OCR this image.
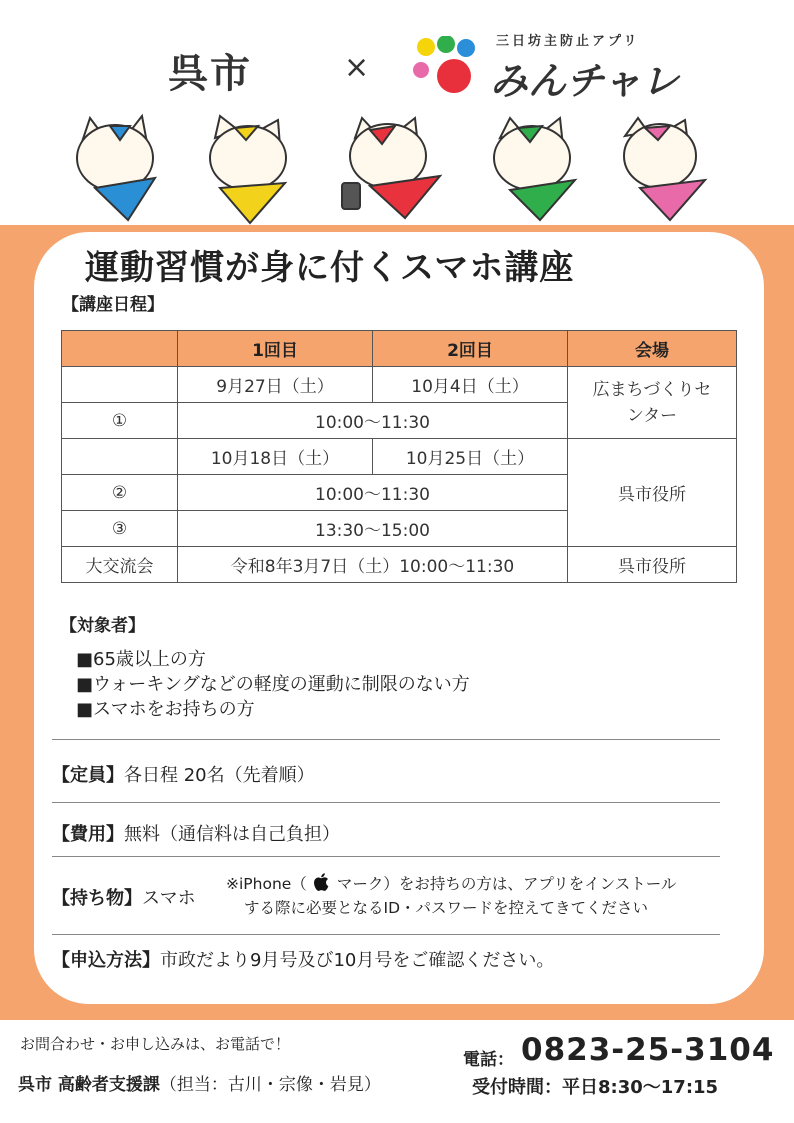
呉市	×
三日坊主防止アプリ
みんチャレ
運動習慣が身に付くスマホ講座
【講座日程】
	1回目	2回目	会場
	9月27日（土）	10月4日（土）	広まちづくりセンター

①	10:00～11:30		
	10月18日（土）	10月25日（土）	呉市役所
②	10:00～11:30		
③	13:30～15:00		
大交流会	令和8年3月7日（土）10:00～11:30		呉市役所
【対象者】
■65歳以上の方
■ウォーキングなどの軽度の運動に制限のない方
■スマホをお持ちの方
【定員】各日程 20名（先着順）
【費用】無料（通信料は自己負担）
【持ち物】スマホ
※iPhone（ マーク）をお持ちの方は、アプリをインストール
する際に必要となるID・パスワードを控えてきてください
【申込方法】市政だより9月号及び10月号をご確認ください。
お問合わせ・お申し込みは、お電話で！
呉市 高齢者支援課（担当：古川・宗像・岩見）
電話： 0823-25-3104
受付時間：平日8:30～17:15
